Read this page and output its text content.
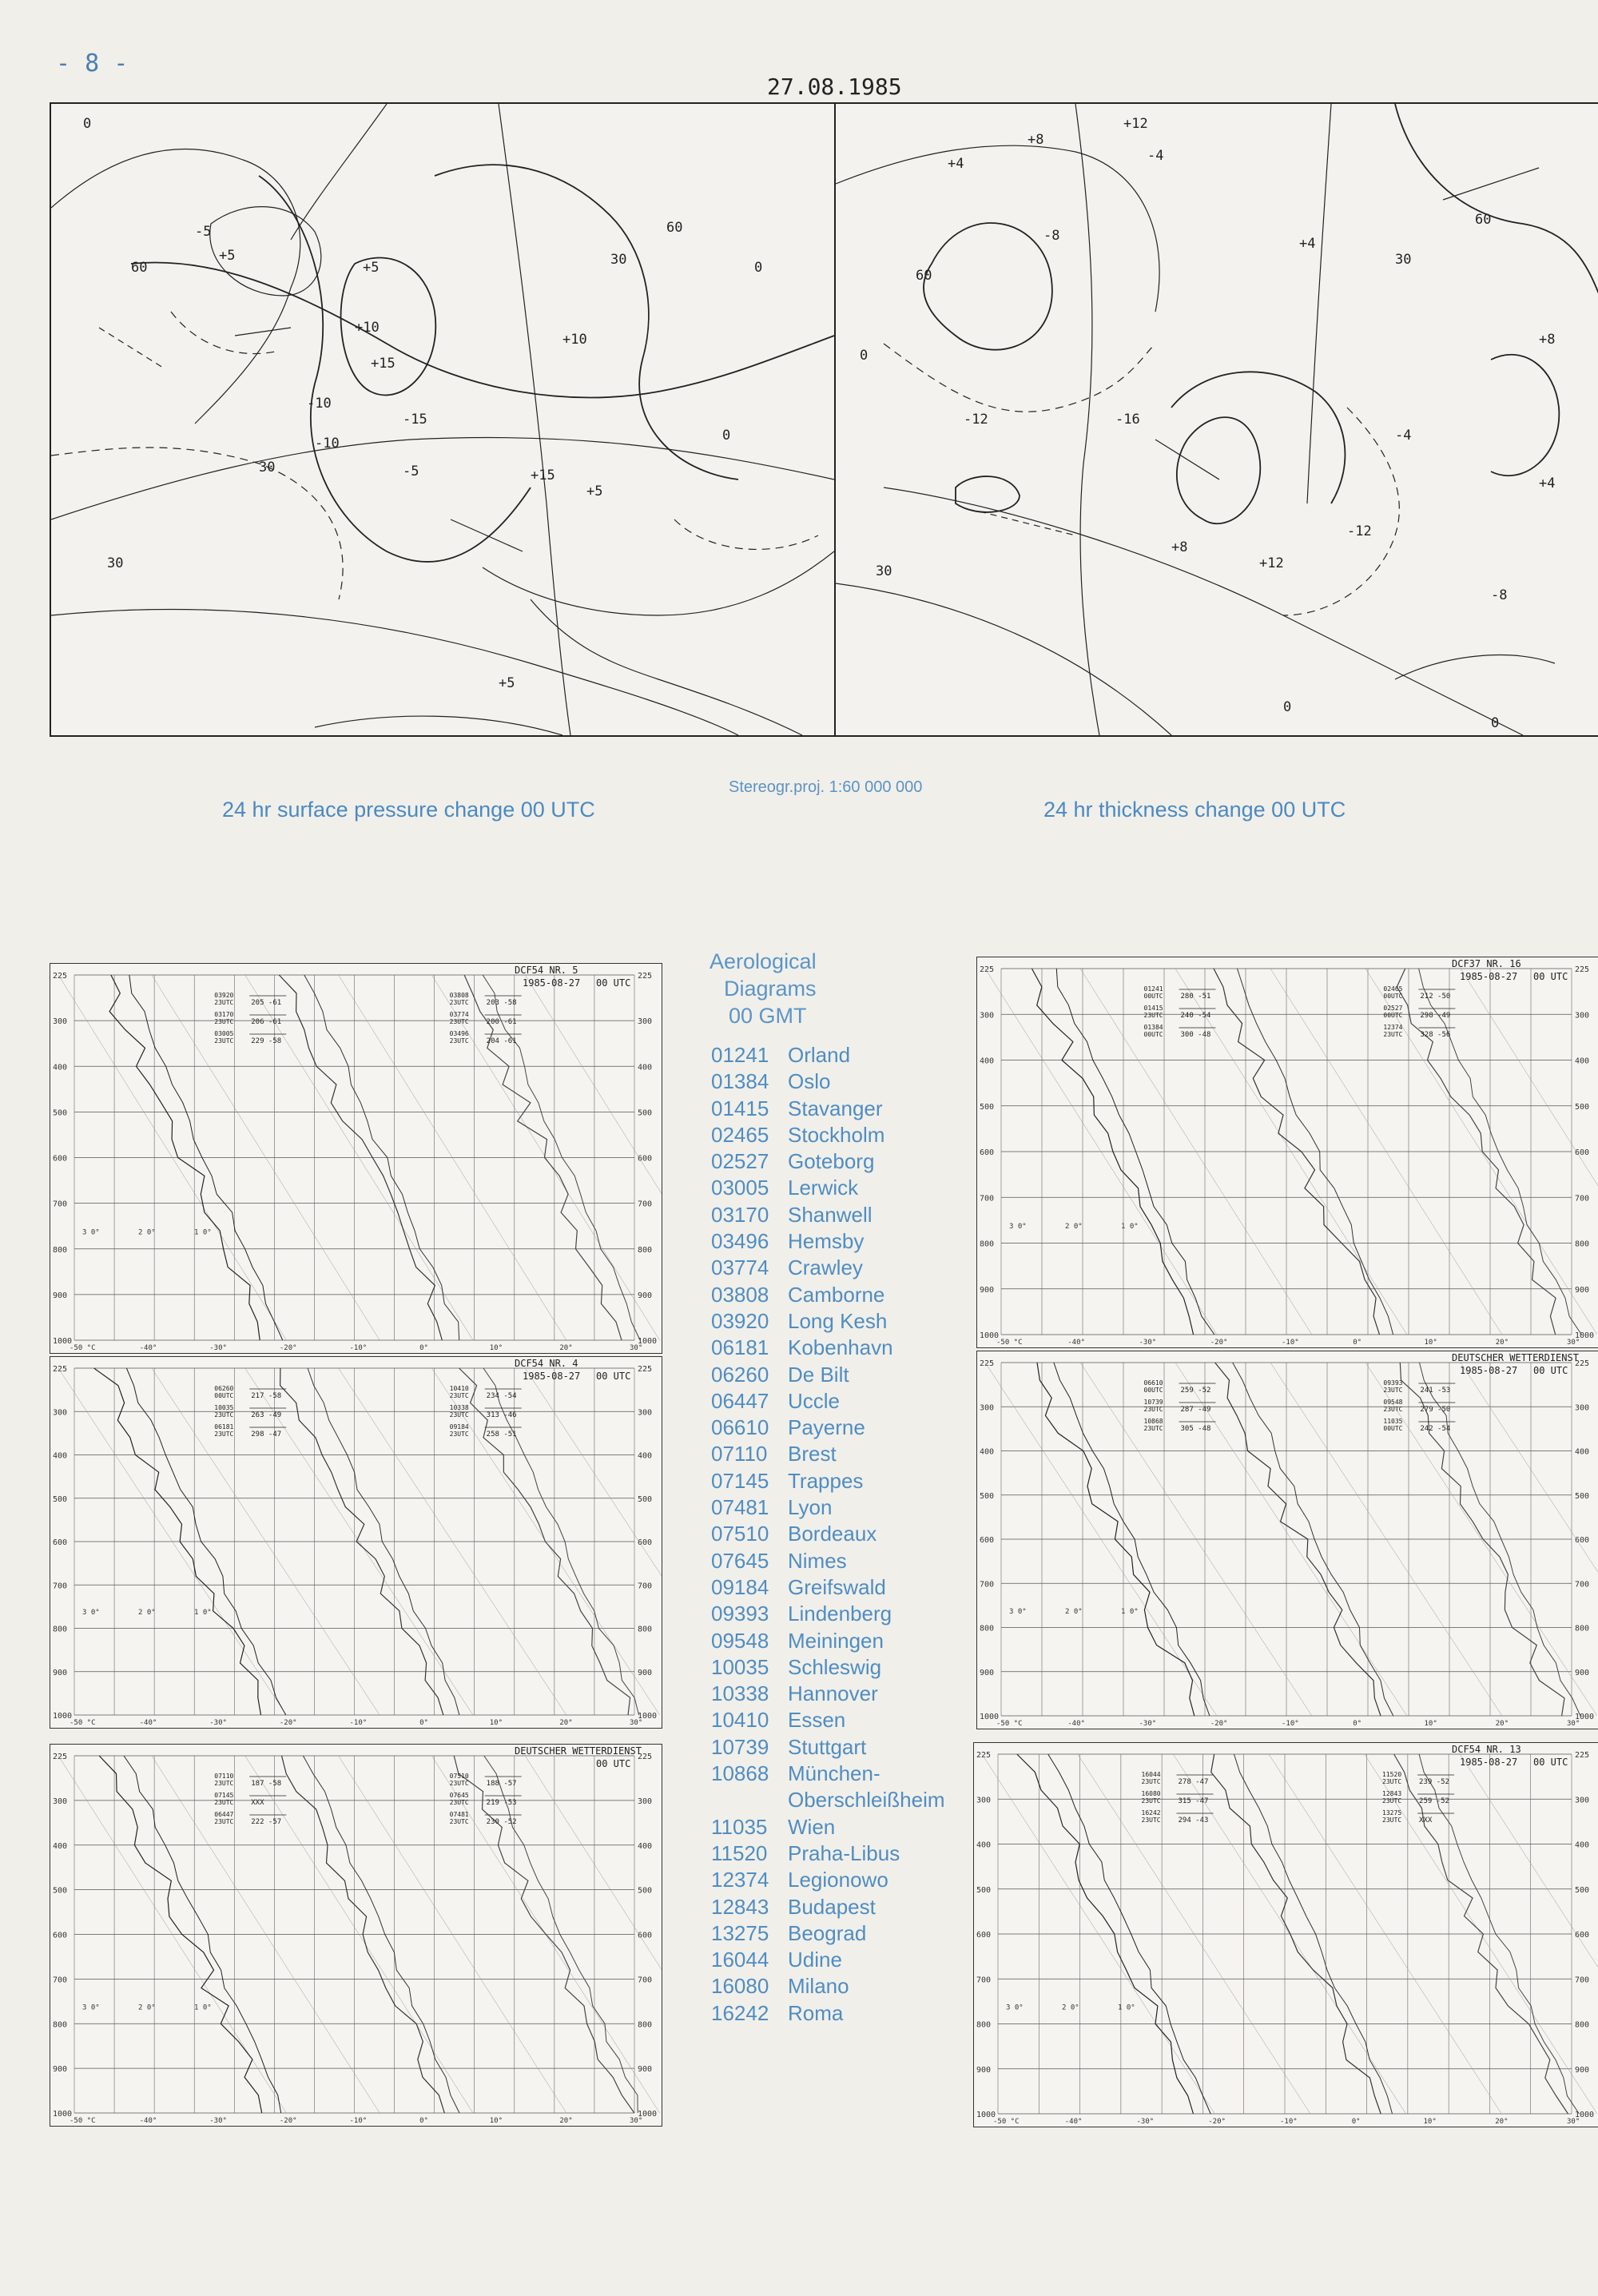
- 8 -
27.08.1985
+5
+10
+15
-5
-10
-15
+5
+10
-5	+15
+5
-10
+5
0
0
0
30
60	30
60
30
+8
+12
+4	-4
-8
-12	-16
+8
+12
+4
-4
-8
-12
+4
+8
0
0
0
30
60
30
60
Stereogr.proj. 1:60 000 000
24 hr surface pressure change 00 UTC	24 hr thickness change 00 UTC
225	225
300	300
400	400
500	500
600	600
700	700
800	800
900	900
1000	1000
-50 °C	-40°	-30°	-20°	-10°	0°	10°	20°	30°
3 0°	2 0°	1 0°
DCF54 NR. 5
1985-08-27 00 UTC
03920
23UTC 205 -61
03170
23UTC 206 -61
03005
23UTC 229 -58
03808
23UTC 203 -58
03774
23UTC 200 -61
03496
23UTC 204 -61
225	225
300	300
400	400
500	500
600	600
700	700
800	800
900	900
1000	1000
-50 °C	-40°	-30°	-20°	-10°	0°	10°	20°	30°
3 0°	2 0°	1 0°
DCF54 NR. 4
1985-08-27 00 UTC
06260
00UTC 217 -58
10035
23UTC 263 -49
06181
23UTC 298 -47
10410
23UTC 234 -54
10338
23UTC 313 -46
09184
23UTC 258 -51
225	225
300	300
400	400
500	500
600	600
700	700
800	800
900	900
1000	1000
-50 °C	-40°	-30°	-20°	-10°	0°	10°	20°	30°
3 0°	2 0°	1 0°
DEUTSCHER WETTERDIENST
00 UTC
07110
23UTC 187 -58
07145
23UTC XXX
06447
23UTC 222 -57
07510
23UTC 188 -57
07645
23UTC 219 -53
07481
23UTC 230 -52
225	225
300	300
400	400
500	500
600	600
700	700
800	800
900	900
1000	1000
-50 °C	-40°	-30°	-20°	-10°	0°	10°	20°	30°
3 0°	2 0°	1 0°
DCF37 NR. 16
1985-08-27 00 UTC
01241
00UTC 280 -51
01415
23UTC 240 -54
01384
00UTC 300 -48
02465
00UTC 212 -50
02527
00UTC 298 -49
12374
23UTC 328 -56
225	225
300	300
400	400
500	500
600	600
700	700
800	800
900	900
1000	1000
-50 °C	-40°	-30°	-20°	-10°	0°	10°	20°	30°
3 0°	2 0°	1 0°
DEUTSCHER WETTERDIENST
1985-08-27 00 UTC
06610
00UTC 259 -52
10739
23UTC 287 -49
10868
23UTC 305 -48
09393
23UTC 241 -53
09548
23UTC 279 -50
11035
00UTC 242 -54
225	225
300	300
400	400
500	500
600	600
700	700
800	800
900	900
1000	1000
-50 °C	-40°	-30°	-20°	-10°	0°	10°	20°	30°
3 0°	2 0°	1 0°
DCF54 NR. 13
1985-08-27 00 UTC
16044
23UTC 278 -47
16080
23UTC 315 -47
16242
23UTC 294 -43
11520
23UTC 239 -52
12843
23UTC 259 -52
13275
23UTC XXX
Aerological
Diagrams
00 GMT
01241 Orland
01384 Oslo
01415 Stavanger
02465 Stockholm
02527 Goteborg
03005 Lerwick
03170 Shanwell
03496 Hemsby
03774 Crawley
03808 Camborne
03920 Long Kesh
06181 Kobenhavn
06260 De Bilt
06447 Uccle
06610 Payerne
07110 Brest
07145 Trappes
07481 Lyon
07510 Bordeaux
07645 Nimes
09184 Greifswald
09393 Lindenberg
09548 Meiningen
10035 Schleswig
10338 Hannover
10410 Essen
10739 Stuttgart
10868 München-
Oberschleißheim
11035 Wien
11520 Praha-Libus
12374 Legionowo
12843 Budapest
13275 Beograd
16044 Udine
16080 Milano
16242 Roma
